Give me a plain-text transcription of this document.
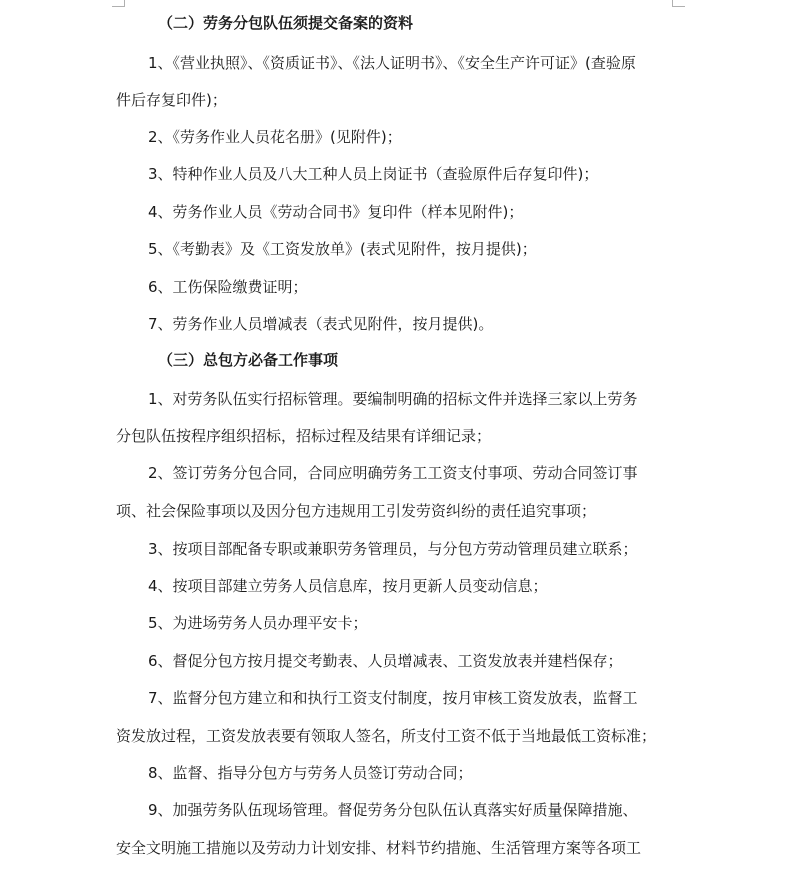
（二）劳务分包队伍须提交备案的资料
1、《营业执照》、《资质证书》、《法人证明书》、《安全生产许可证》(查验原
件后存复印件)；
2、《劳务作业人员花名册》(见附件)；
3、特种作业人员及八大工种人员上岗证书（查验原件后存复印件)；
4、劳务作业人员《劳动合同书》复印件（样本见附件)；
5、《考勤表》及《工资发放单》(表式见附件，按月提供)；
6、工伤保险缴费证明；
7、劳务作业人员增减表（表式见附件，按月提供)。
（三）总包方必备工作事项
1、对劳务队伍实行招标管理。要编制明确的招标文件并选择三家以上劳务
分包队伍按程序组织招标，招标过程及结果有详细记录；
2、签订劳务分包合同，合同应明确劳务工工资支付事项、劳动合同签订事
项、社会保险事项以及因分包方违规用工引发劳资纠纷的责任追究事项；
3、按项目部配备专职或兼职劳务管理员，与分包方劳动管理员建立联系；
4、按项目部建立劳务人员信息库，按月更新人员变动信息；
5、为进场劳务人员办理平安卡；
6、督促分包方按月提交考勤表、人员增减表、工资发放表并建档保存；
7、监督分包方建立和和执行工资支付制度，按月审核工资发放表，监督工
资发放过程，工资发放表要有领取人签名，所支付工资不低于当地最低工资标准；
8、监督、指导分包方与劳务人员签订劳动合同；
9、加强劳务队伍现场管理。督促劳务分包队伍认真落实好质量保障措施、
安全文明施工措施以及劳动力计划安排、材料节约措施、生活管理方案等各项工
